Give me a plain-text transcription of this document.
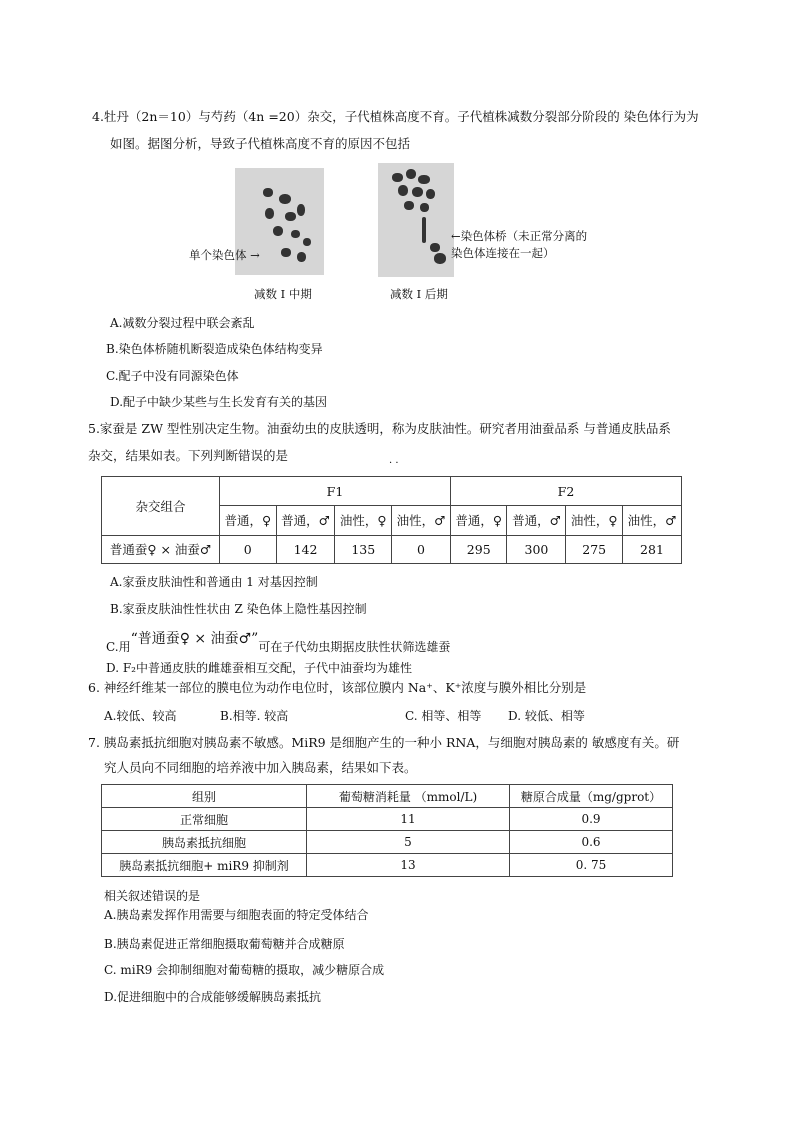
4.牡丹（2n＝10）与芍药（4n =20）杂交，子代植株高度不育。子代植株减数分裂部分阶段的 染色体行为为
如图。据图分析，导致子代植株高度不育的原因不包括
单个染色体 →
←染色体桥（未正常分离的
染色体连接在一起）
减数 I 中期	减数 I 后期
A.减数分裂过程中联会紊乱
B.染色体桥随机断裂造成染色体结构变异
C.配子中没有同源染色体
D.配子中缺少某些与生长发育有关的基因
5.家蚕是 ZW 型性别决定生物。油蚕幼虫的皮肤透明，称为皮肤油性。研究者用油蚕品系 与普通皮肤品系
杂交，结果如表。下列判断错误的是
· ·
杂交组合	F1				F2			
	普通，♀	普通，♂	油性，♀	油性，♂	普通，♀	普通，♂	油性，♀	油性，♂
普通蚕♀ × 油蚕♂	0	142	135	0	295	300	275	281
A.家蚕皮肤油性和普通由 1 对基因控制
B.家蚕皮肤油性性状由 Z 染色体上隐性基因控制
C.用“普通蚕♀ × 油蚕♂”可在子代幼虫期据皮肤性状筛选雄蚕
D. F₂中普通皮肤的雌雄蚕相互交配，子代中油蚕均为雄性
6. 神经纤维某一部位的膜电位为动作电位时，该部位膜内 Na⁺、K⁺浓度与膜外相比分别是
A.较低、较高	B.相等. 较高	C. 相等、相等 D. 较低、相等
7. 胰岛素抵抗细胞对胰岛素不敏感。MiR9 是细胞产生的一种小 RNA，与细胞对胰岛素的 敏感度有关。研
究人员向不同细胞的培养液中加入胰岛素，结果如下表。
组别	葡萄糖消耗量 （mmol/L)	糖原合成量（mg/gprot）
正常细胞	11	0.9
胰岛素抵抗细胞	5	0.6
胰岛素抵抗细胞+ miR9 抑制剂	13	0. 75
相关叙述错误的是
A.胰岛素发挥作用需要与细胞表面的特定受体结合
B.胰岛素促进正常细胞摄取葡萄糖并合成糖原
C. miR9 会抑制细胞对葡萄糖的摄取，减少糖原合成
D.促进细胞中的合成能够缓解胰岛素抵抗
